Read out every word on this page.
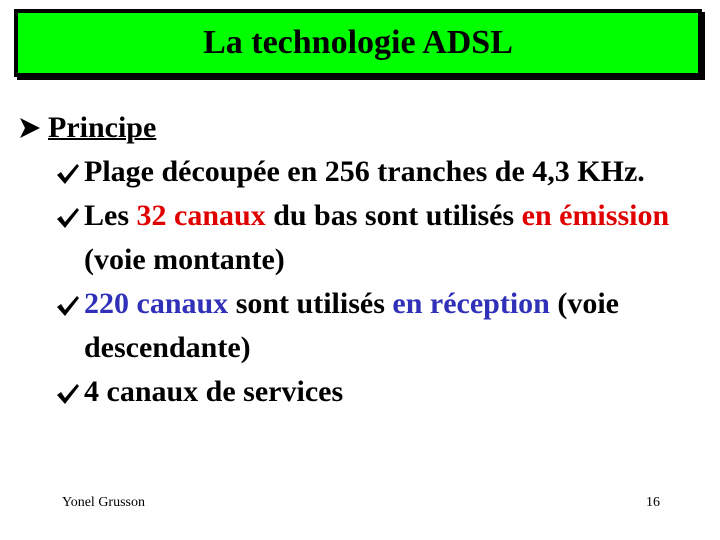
La technologie ADSL
Principe
Plage découpée en 256 tranches de 4,3 KHz.
Les 32 canaux du bas sont utilisés en émission (voie montante)
220 canaux sont utilisés en réception (voie descendante)
4 canaux de services
Yonel Grusson	16
